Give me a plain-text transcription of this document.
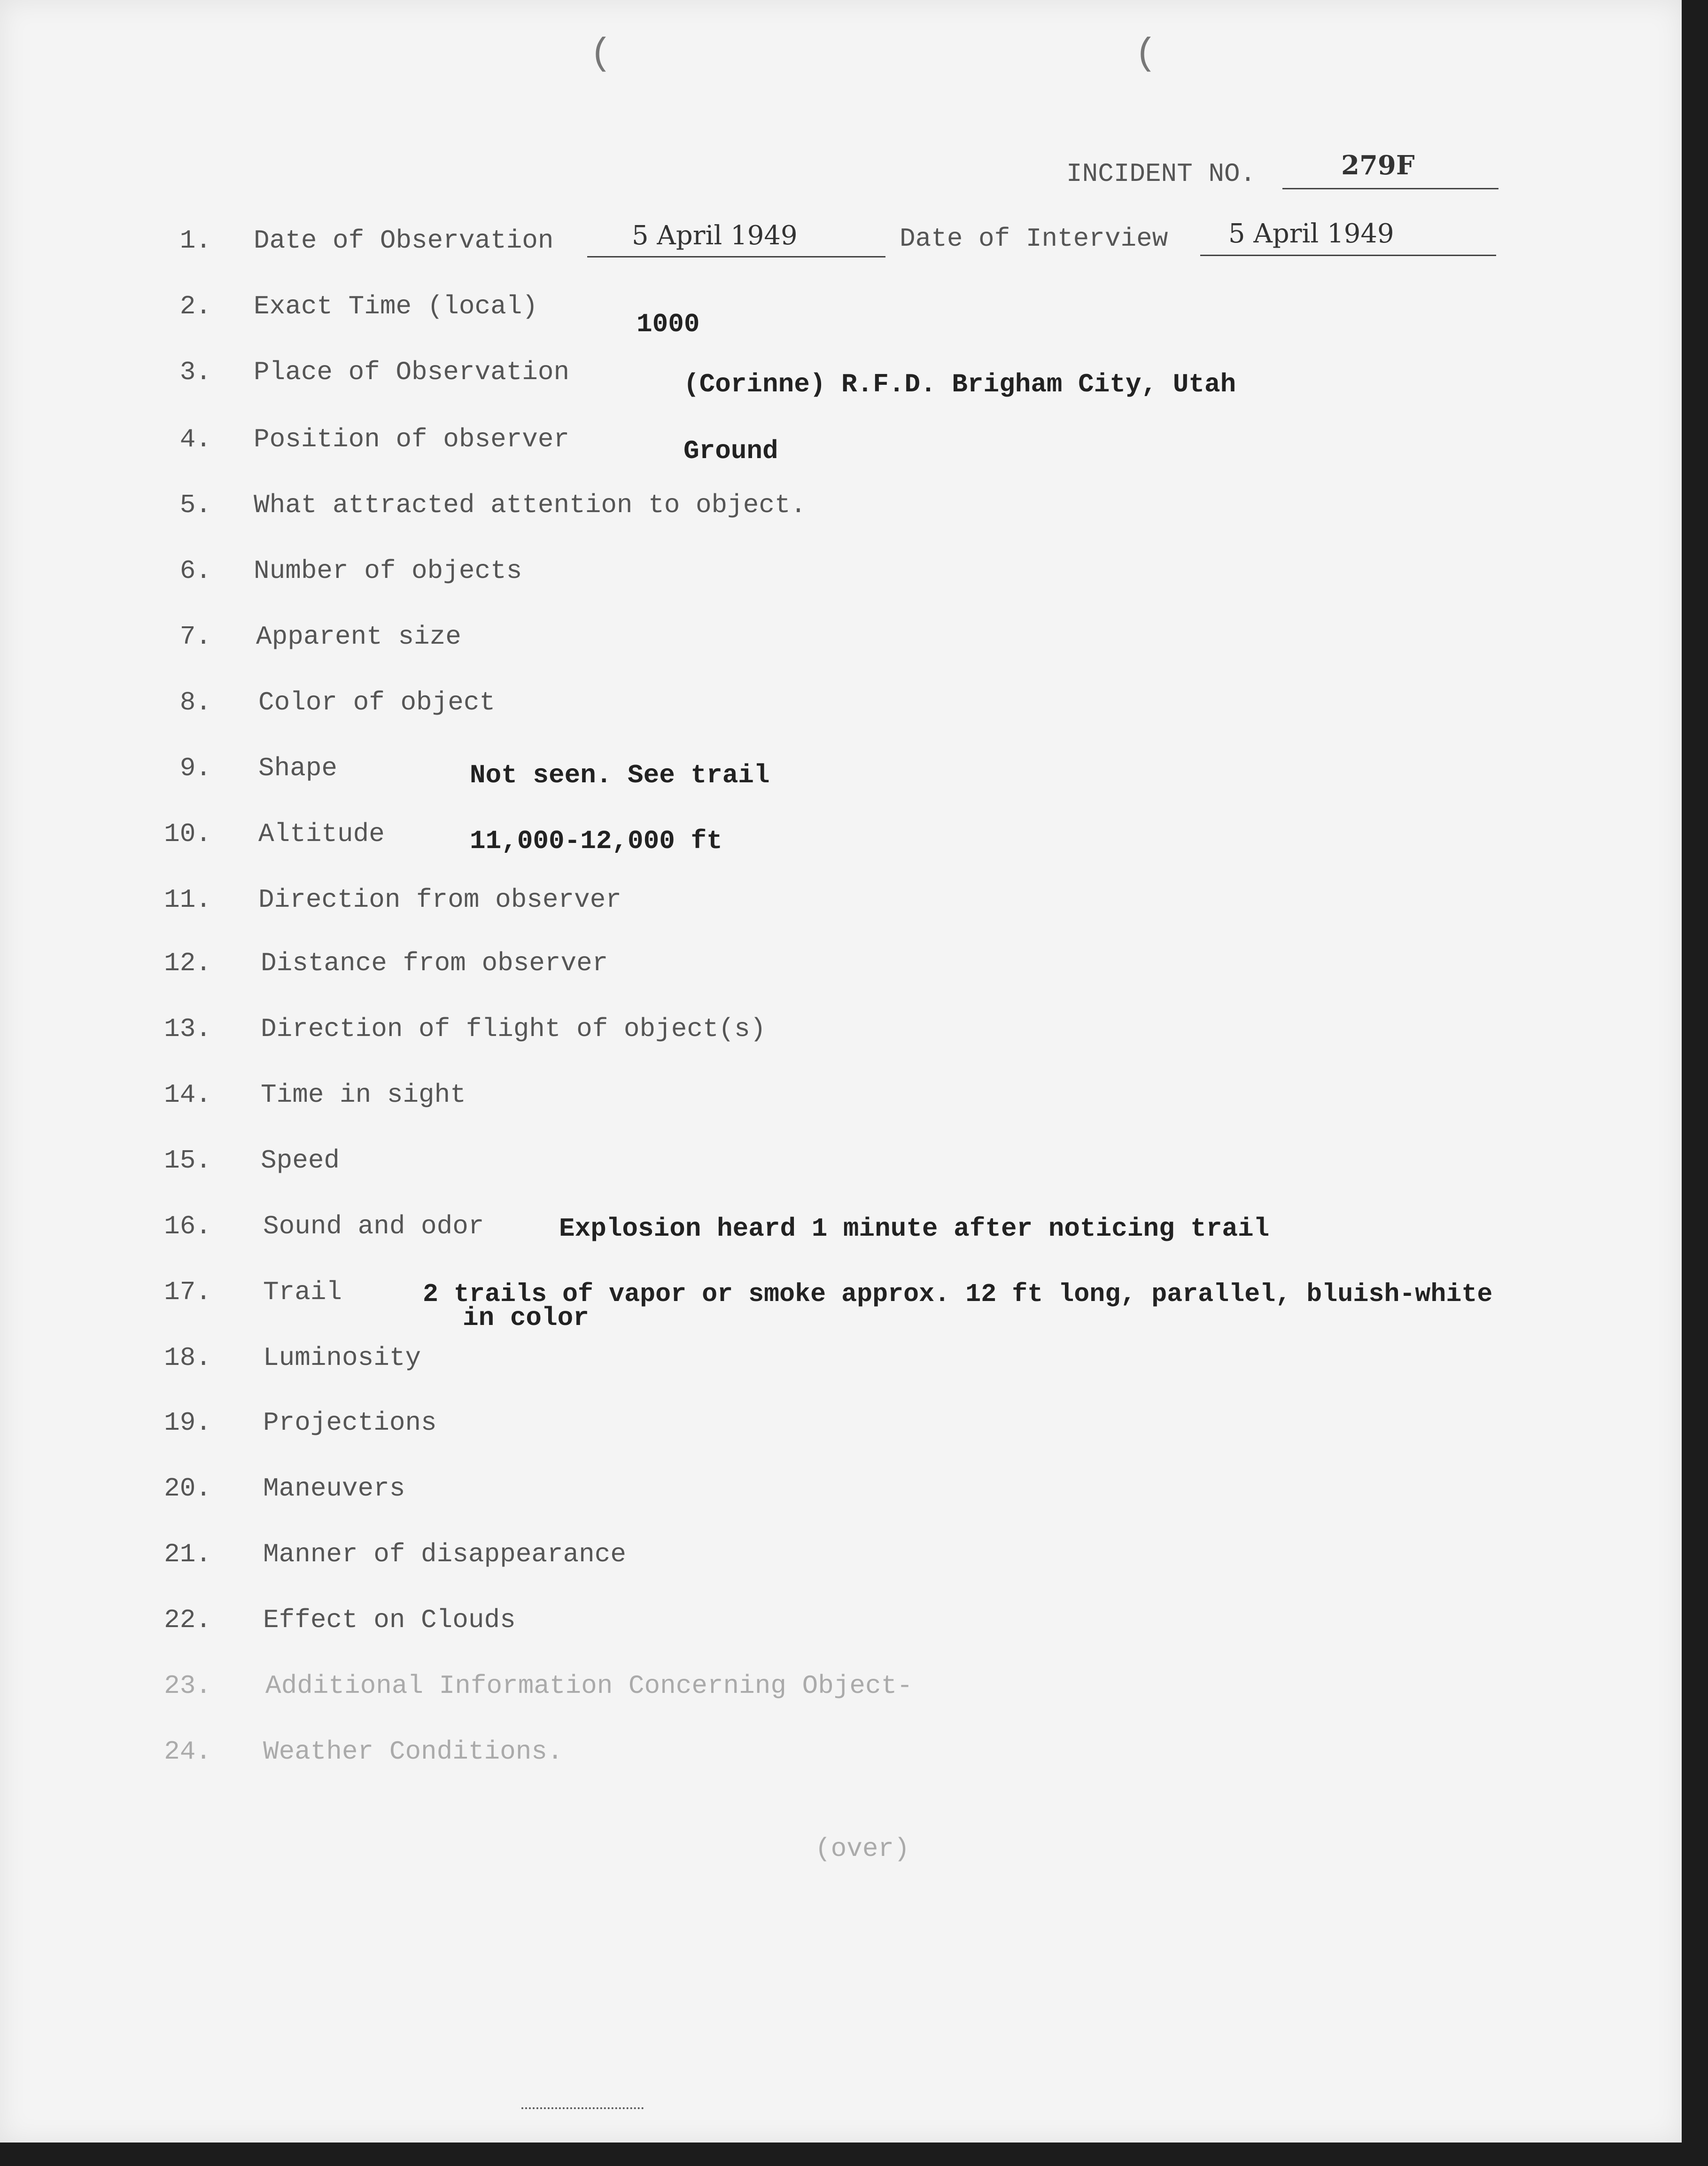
(	(
INCIDENT NO.	279F
1. Date of Observation	5 April 1949	Date of Interview 5 April 1949
2. Exact Time (local)
1000
3. Place of Observation	(Corinne) R.F.D. Brigham City, Utah
4. Position of observer	Ground
5. What attracted attention to object.
6. Number of objects
7. Apparent size
8. Color of object
9. Shape	Not seen. See trail
10. Altitude	11,000-12,000 ft
11. Direction from observer
12. Distance from observer
13. Direction of flight of object(s)
14. Time in sight
15. Speed
16. Sound and odor	Explosion heard 1 minute after noticing trail
17. Trail	2 trails of vapor or smoke approx. 12 ft long, parallel, bluish-white
in color
18. Luminosity
19. Projections
20. Maneuvers
21. Manner of disappearance
22. Effect on Clouds
23. Additional Information Concerning Object-
24. Weather Conditions.
(over)
